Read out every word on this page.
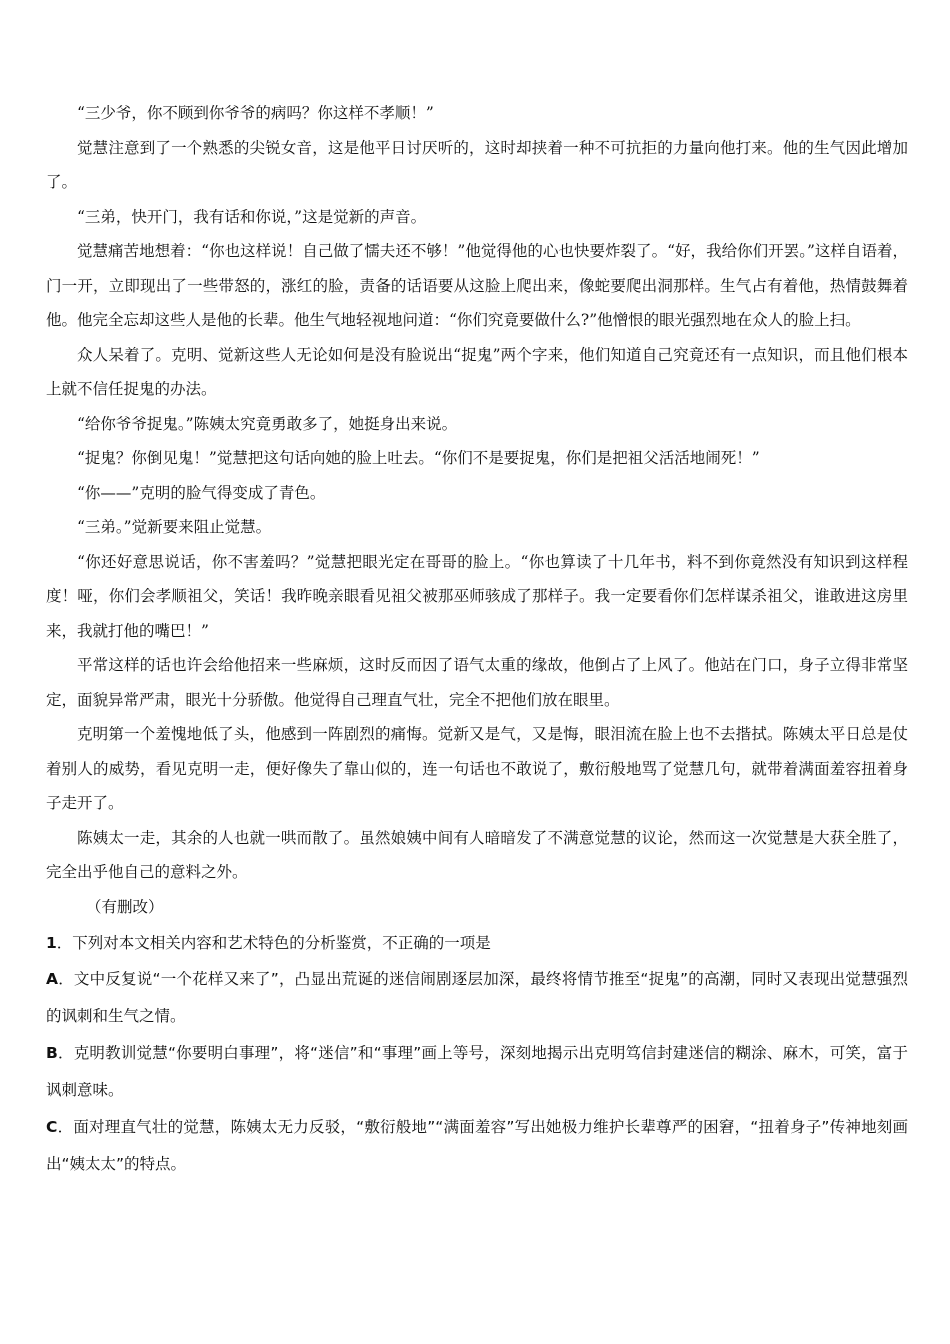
“三少爷，你不顾到你爷爷的病吗？你这样不孝顺！”

觉慧注意到了一个熟悉的尖锐女音，这是他平日讨厌听的，这时却挟着一种不可抗拒的力量向他打来。他的生气因此增加了。

“三弟，快开门，我有话和你说，”这是觉新的声音。

觉慧痛苦地想着：“你也这样说！自己做了懦夫还不够！”他觉得他的心也快要炸裂了。“好，我给你们开罢。”这样自语着，门一开，立即现出了一些带怒的，涨红的脸，责备的话语要从这脸上爬出来，像蛇要爬出洞那样。生气占有着他，热情鼓舞着他。他完全忘却这些人是他的长辈。他生气地轻视地问道：“你们究竟要做什么?”他憎恨的眼光强烈地在众人的脸上扫。

众人呆着了。克明、觉新这些人无论如何是没有脸说出“捉鬼”两个字来，他们知道自己究竟还有一点知识，而且他们根本上就不信任捉鬼的办法。

“给你爷爷捉鬼。”陈姨太究竟勇敢多了，她挺身出来说。

“捉鬼？你倒见鬼！”觉慧把这句话向她的脸上吐去。“你们不是要捉鬼，你们是把祖父活活地闹死！”

“你——”克明的脸气得变成了青色。

“三弟。”觉新要来阻止觉慧。

“你还好意思说话，你不害羞吗？”觉慧把眼光定在哥哥的脸上。“你也算读了十几年书，料不到你竟然没有知识到这样程度！哑，你们会孝顺祖父，笑话！我昨晚亲眼看见祖父被那巫师骇成了那样子。我一定要看你们怎样谋杀祖父，谁敢进这房里来，我就打他的嘴巴！”

平常这样的话也许会给他招来一些麻烦，这时反而因了语气太重的缘故，他倒占了上风了。他站在门口，身子立得非常坚定，面貌异常严肃，眼光十分骄傲。他觉得自己理直气壮，完全不把他们放在眼里。

克明第一个羞愧地低了头，他感到一阵剧烈的痛悔。觉新又是气，又是悔，眼泪流在脸上也不去揩拭。陈姨太平日总是仗着别人的威势，看见克明一走，便好像失了靠山似的，连一句话也不敢说了，敷衍般地骂了觉慧几句，就带着满面羞容扭着身子走开了。

陈姨太一走，其余的人也就一哄而散了。虽然娘姨中间有人暗暗发了不满意觉慧的议论，然而这一次觉慧是大获全胜了，完全出乎他自己的意料之外。

（有删改）

1．下列对本文相关内容和艺术特色的分析鉴赏，不正确的一项是

A．文中反复说“一个花样又来了”，凸显出荒诞的迷信闹剧逐层加深，最终将情节推至“捉鬼”的高潮，同时又表现出觉慧强烈的讽刺和生气之情。

B．克明教训觉慧“你要明白事理”，将“迷信”和“事理”画上等号，深刻地揭示出克明笃信封建迷信的糊涂、麻木，可笑，富于讽刺意味。

C．面对理直气壮的觉慧，陈姨太无力反驳，“敷衍般地”“满面羞容”写出她极力维护长辈尊严的困窘，“扭着身子”传神地刻画出“姨太太”的特点。
